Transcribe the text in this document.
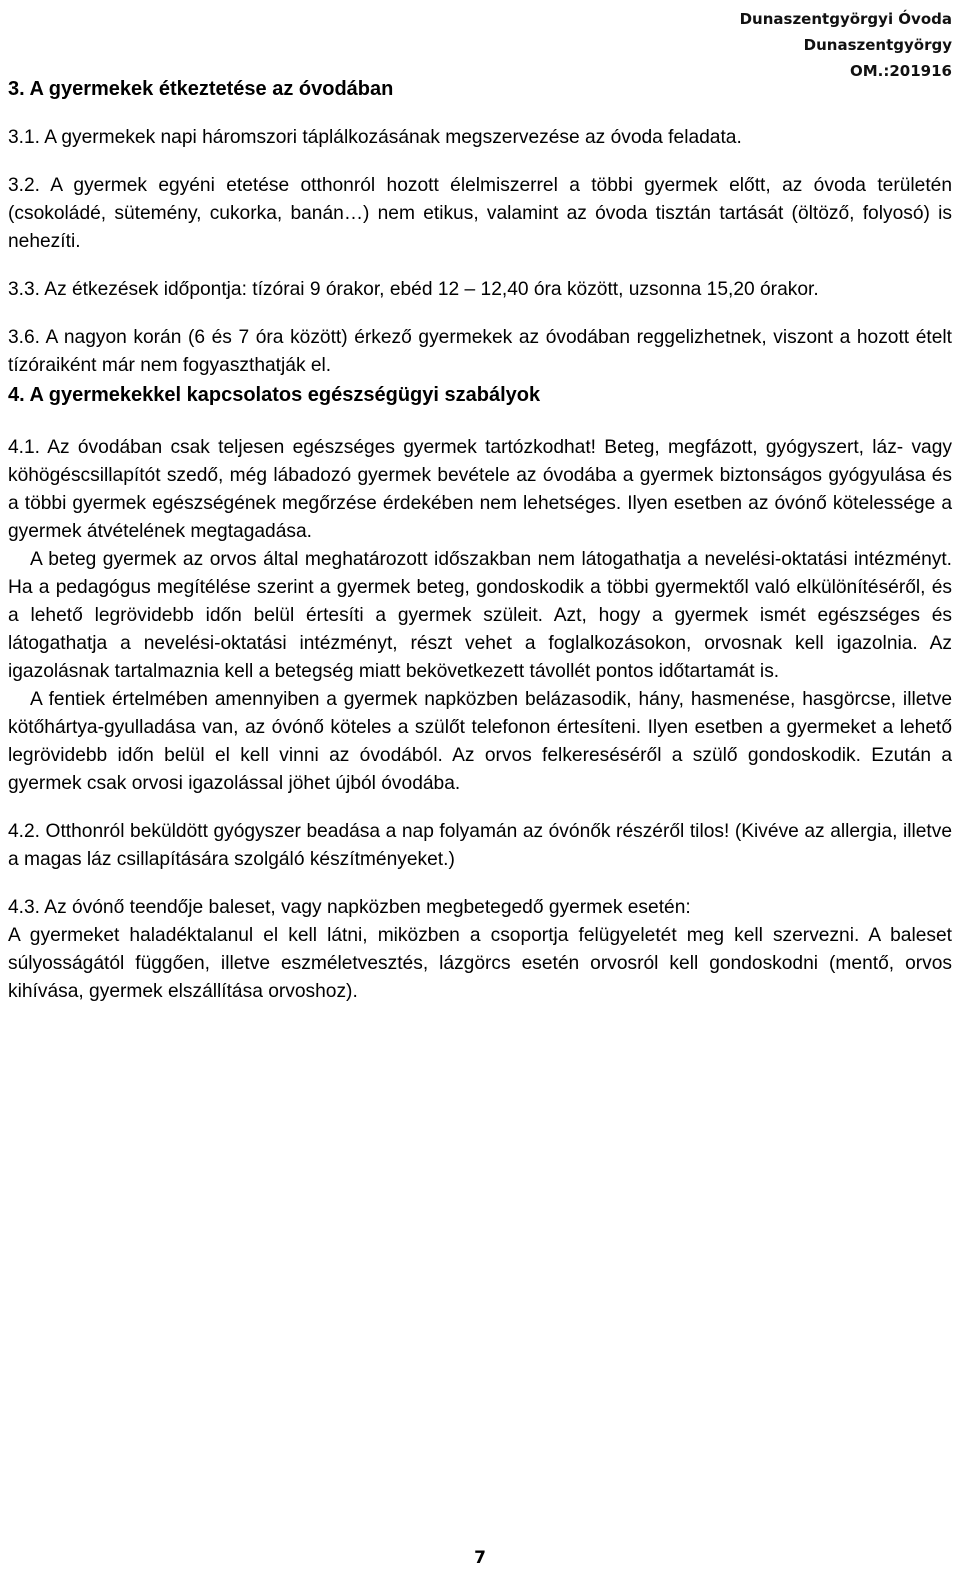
Dunaszentgyörgyi Óvoda
Dunaszentgyörgy
OM.:201916
3. A gyermekek étkeztetése az óvodában

3.1. A gyermekek napi háromszori táplálkozásának megszervezése az óvoda feladata.

3.2. A gyermek egyéni etetése otthonról hozott élelmiszerrel a többi gyermek előtt, az óvoda területén (csokoládé, sütemény, cukorka, banán…) nem etikus, valamint az óvoda tisztán tartását (öltöző, folyosó) is nehezíti.

3.3. Az étkezések időpontja: tízórai 9 órakor, ebéd 12 – 12,40 óra között, uzsonna 15,20 órakor.

3.6. A nagyon korán (6 és 7 óra között) érkező gyermekek az óvodában reggelizhetnek, viszont a hozott ételt tízóraiként már nem fogyaszthatják el.

4. A gyermekekkel kapcsolatos egészségügyi szabályok

4.1. Az óvodában csak teljesen egészséges gyermek tartózkodhat! Beteg, megfázott, gyógyszert, láz- vagy köhögéscsillapítót szedő, még lábadozó gyermek bevétele az óvodába a gyermek biztonságos gyógyulása és a többi gyermek egészségének megőrzése érdekében nem lehetséges. Ilyen esetben az óvónő kötelessége a gyermek átvételének megtagadása.

A beteg gyermek az orvos által meghatározott időszakban nem látogathatja a nevelési-oktatási intézményt. Ha a pedagógus megítélése szerint a gyermek beteg, gondoskodik a többi gyermektől való elkülönítéséről, és a lehető legrövidebb időn belül értesíti a gyermek szüleit. Azt, hogy a gyermek ismét egészséges és látogathatja a nevelési-oktatási intézményt, részt vehet a foglalkozásokon, orvosnak kell igazolnia. Az igazolásnak tartalmaznia kell a betegség miatt bekövetkezett távollét pontos időtartamát is.

A fentiek értelmében amennyiben a gyermek napközben belázasodik, hány, hasmenése, hasgörcse, illetve kötőhártya-gyulladása van, az óvónő köteles a szülőt telefonon értesíteni. Ilyen esetben a gyermeket a lehető legrövidebb időn belül el kell vinni az óvodából. Az orvos felkereséséről a szülő gondoskodik. Ezután a gyermek csak orvosi igazolással jöhet újból óvodába.

4.2. Otthonról beküldött gyógyszer beadása a nap folyamán az óvónők részéről tilos! (Kivéve az allergia, illetve a magas láz csillapítására szolgáló készítményeket.)

4.3. Az óvónő teendője baleset, vagy napközben megbetegedő gyermek esetén:

A gyermeket haladéktalanul el kell látni, miközben a csoportja felügyeletét meg kell szervezni. A baleset súlyosságától függően, illetve eszméletvesztés, lázgörcs esetén orvosról kell gondoskodni (mentő, orvos kihívása, gyermek elszállítása orvoshoz).

7
